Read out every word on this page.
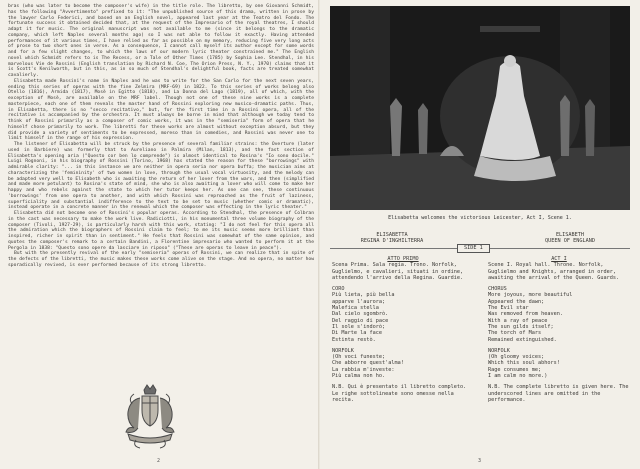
bras (who was later to become the composer's wife) in the title role. The libretto, by one Giovanni Schmidt, has the following "Avvertimento" prefixed to it: "The unpublished source of this drama, written in prose by the lawyer Carlo Federici, and based on an English novel, appeared last year at the Teatro del Fondo. The fortunate success it obtained decided that, at the request of the Impresario of the royal theatres, I should adapt it for music. The original manuscript was not available to me (since it belongs to the dramatic company, which left Naples several months ago) so I was not able to follow it exactly. Having attended performances of it various times, I have relied as far as possible on my memory, reducing five very long acts of prose to two short ones in verse. As a consequence, I cannot call myself its author except for some words and for a few slight changes, to which the laws of our modern lyric theater constrained me." The English novel which Schmidt refers to is The Recess, or a Tale of Other Times (1785) by Sophia Lee. Stendhal, in his marvelous Vie de Rossini (English translation by Richard N. Coe, The Orion Press, N. Y., 1970) claims that it is Scott's Kenilworth, but in this, as in so much of Stendhal's delightful book, facts are treated somewhat cavalierly.

Elisabetta made Rossini's name in Naples and he was to write for the San Carlo for the next seven years, ending this series of operas with the fine Zelmira (MRF-69) in 1822. To this series of works belong also Otello (1816), Armida (1817), Mosè in Egitto (1818), and La Donna del Lago (1819), all of which, with the exception of Mosè, are available on the MRF label. Though not one of these nine works is a complete masterpiece, each one of them reveals the master hand of Rossini exploring new musico-dramatic paths. Thus, in Elisabetta, there is no "secco recitativo," but, for the first time in a Rossini opera, all of the recitative is accompanied by the orchestra. It must always be borne in mind that although we today tend to think of Rossini primarily as a composer of comic works, it was in the "semiseria" form of opera that he himself chose primarily to work. The libretti for these works are almost without exception absurd, but they did provide a variety of sentiments to be expressed, moreso than in comedies, and Rossini was never one to limit himself in the range of his expression.

The listener of Elisabetta will be struck by the presence of several familiar strains: the Overture (later used in Barbiere) was formerly that to Aureliano in Palmira (Milan, 1813), and the fast section of Elisabetta's opening aria ("Questo cor ben lo comprende") is almost identical to Rosina's "Io sono docile." Luigi Rognoni, in his biography of Rossini (Torino, 1968) has stated the reason for these "borrowings" with admirable clarity: "... in this instance we are neither in opera seria nor opera buffa; the musician aims at characterizing the 'femininity' of two women in love, through the usual vocal virtuosity, and the melody can be adapted very well to Elisabeth who is awaiting the return of her lover from the wars, and then (simplified and made more petulant) to Rosina's state of mind, she who is also awaiting a lover who will come to make her happy and who rebels against the state to which her tutor keeps her. As one can see, these continuous 'borrowings' from one opera to another, and with which Rossini was reproached as the fruit of laziness, superficiality and substantial indifference to the text to be set to music (whether comic or dramatic), instead operate in a concrete manner in the renewal which the composer was effecting in the lyric theater."

Elisabetta did not become one of Rossini's popular operas. According to Stendhal, the presence of Colbran in the cast was necessary to make the work live. Radiciotti, in his monumental three volume biography of the composer (Tivoli, 1927-29), is particularly harsh with this work, stating: "I do not feel for this opera all the admiration which the biographers of Rossini claim to feel; to me its music seems more brilliant than inspired, richer in spirit than in sentiment." He feels that Rossini was somewhat of the same opinion, and quotes the composer's remark to a certain Bandini, a Florentine impresario who wanted to perform it at the Pergola in 1838: "Questo sono opere da lasciare in riposo" ("These are operas to leave in peace").

But with the presently revival of the early "semiseria" operas of Rossini, we can realize that in spite of the defects of the libretti, the music makes these works come alive on the stage. And no opera, no matter how sporadically revived, is ever performed because of its strong libretto.

2
Elisabetta welcomes the victorious Leicester, Act I, Scene 1.
ELISABETTA
REGINA D'INGHILTERRA
ELISABETH
QUEEN OF ENGLAND
SIDE 1

ATTO PRIMO

Scena Prima. Sala regia. Trono. Norfolk, Guglielmo, e cavalieri, situati in ordine, attendendo l'arrivo della Regina. Guardie.

CORO

Più lieta, più bella

apparve l'aurora;

Malefica stella

Dal cielo sgombrò.

Del raggio di pace

Il sole s'indorò;

Di Marte la face

Estinta restò.

NORFOLK

(Oh voci funeste;

Che abborre quest'alma!

La rabbia m'investe:

Più calma non ho.

N.B. Qui è presentato il libretto completo. Le righe sottolineate sono omesse nella recita.

ACT I

Scene I. Royal hall. Throne. Norfolk, Guglielmo and Knights, arranged in order, awaiting the arrival of the Queen. Guards.

CHORUS

More joyous, more beautiful

Appeared the dawn;

The Evil star

Was removed from heaven.

With a ray of peace

The sun gilds itself;

The torch of Mars

Remained extinguished.

NORFOLK

(Oh gloomy voices;

Which this soul abhors!

Rage consumes me;

I am calm no more.)

N.B. The complete libretto is given here. The underscored lines are omitted in the performance.

3
